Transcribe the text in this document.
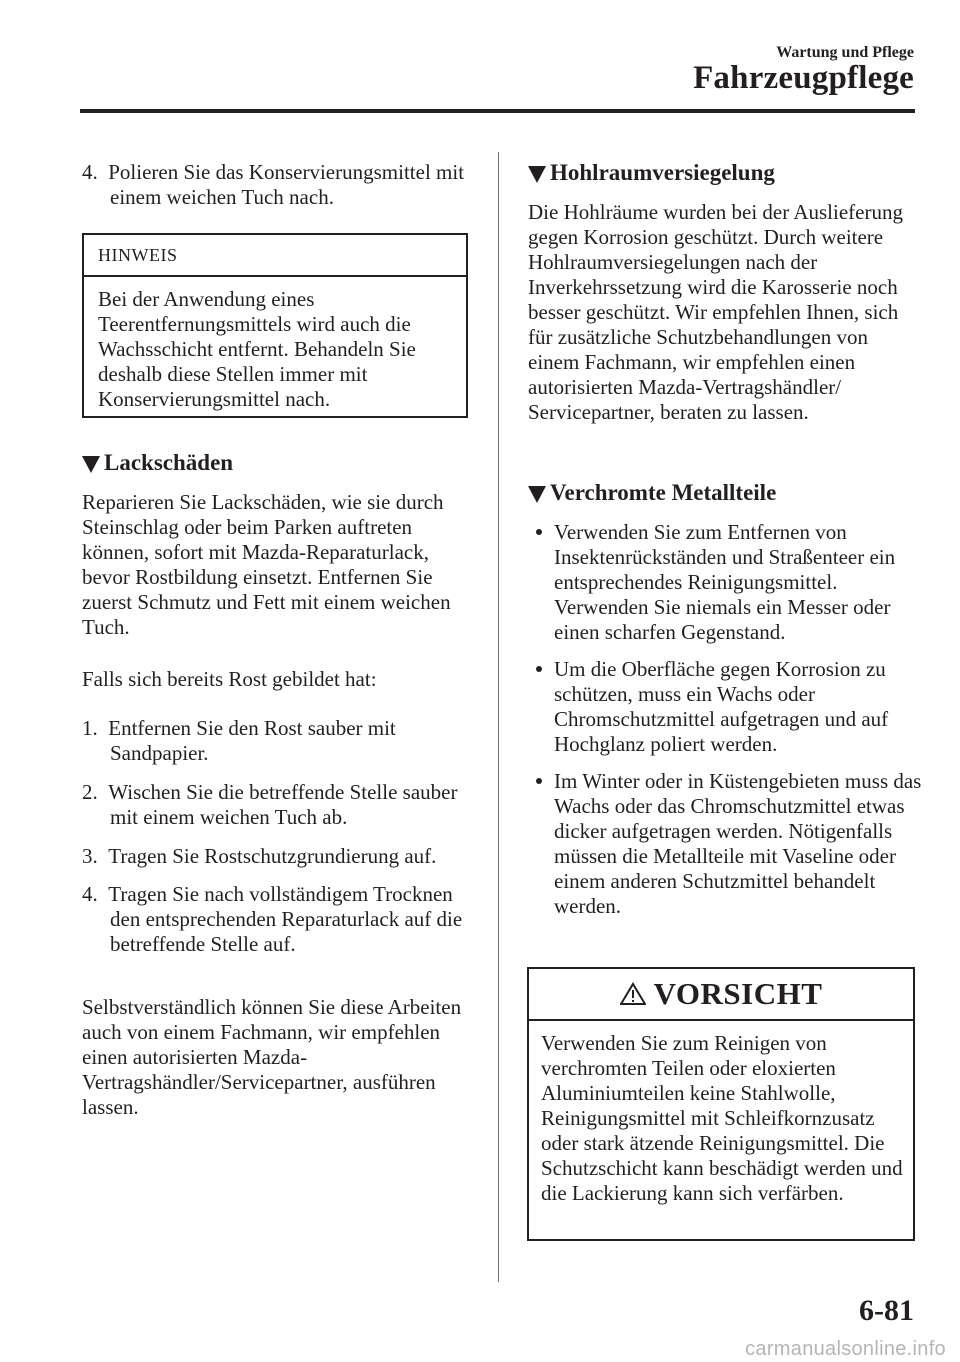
Wartung und Pflege
Fahrzeugpflege
4. Polieren Sie das Konservierungsmittel mit einem weichen Tuch nach.
HINWEIS
Bei der Anwendung eines Teerentfernungsmittels wird auch die Wachsschicht entfernt. Behandeln Sie deshalb diese Stellen immer mit Konservierungsmittel nach.
Lackschäden

Reparieren Sie Lackschäden, wie sie durch Steinschlag oder beim Parken auftreten können, sofort mit Mazda-Reparaturlack, bevor Rostbildung einsetzt. Entfernen Sie zuerst Schmutz und Fett mit einem weichen Tuch.

Falls sich bereits Rost gebildet hat:

1. Entfernen Sie den Rost sauber mit Sandpapier.
2. Wischen Sie die betreffende Stelle sauber mit einem weichen Tuch ab.
3. Tragen Sie Rostschutzgrundierung auf.
4. Tragen Sie nach vollständigem Trocknen den entsprechenden Reparaturlack auf die betreffende Stelle auf.

Selbstverständlich können Sie diese Arbeiten auch von einem Fachmann, wir empfehlen einen autorisierten Mazda-Vertragshändler/Servicepartner, ausführen lassen.

Hohlraumversiegelung

Die Hohlräume wurden bei der Auslieferung gegen Korrosion geschützt. Durch weitere Hohlraumversiegelungen nach der Inverkehrssetzung wird die Karosserie noch besser geschützt. Wir empfehlen Ihnen, sich für zusätzliche Schutzbehandlungen von einem Fachmann, wir empfehlen einen autorisierten Mazda-Vertragshändler/ Servicepartner, beraten zu lassen.

Verchromte Metallteile
Verwenden Sie zum Entfernen von Insektenrückständen und Straßenteer ein entsprechendes Reinigungsmittel. Verwenden Sie niemals ein Messer oder einen scharfen Gegenstand.
Um die Oberfläche gegen Korrosion zu schützen, muss ein Wachs oder Chromschutzmittel aufgetragen und auf Hochglanz poliert werden.
Im Winter oder in Küstengebieten muss das Wachs oder das Chromschutzmittel etwas dicker aufgetragen werden. Nötigenfalls müssen die Metallteile mit Vaseline oder einem anderen Schutzmittel behandelt werden.
VORSICHT
Verwenden Sie zum Reinigen von verchromten Teilen oder eloxierten Aluminiumteilen keine Stahlwolle, Reinigungsmittel mit Schleifkornzusatz oder stark ätzende Reinigungsmittel. Die Schutzschicht kann beschädigt werden und die Lackierung kann sich verfärben.
6-81
carmanualsonline.info
